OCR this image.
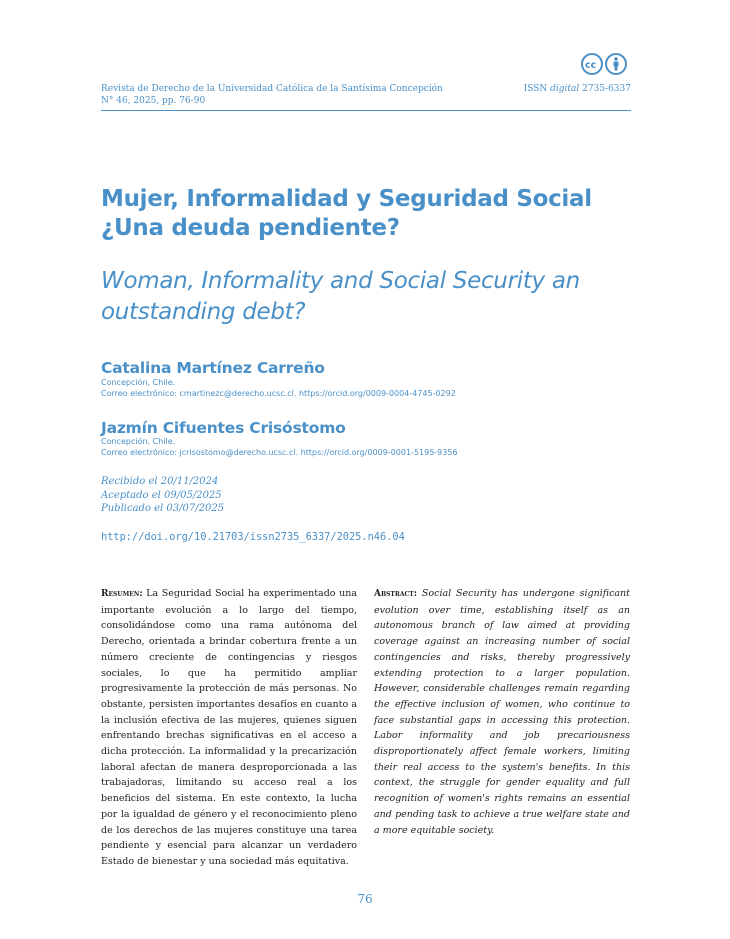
cc
Revista de Derecho de la Universidad Católica de la Santísima Concepción
N° 46, 2025, pp. 76-90
ISSN digital 2735-6337
Mujer, Informalidad y Seguridad Social
¿Una deuda pendiente?
Woman, Informality and Social Security an
outstanding debt?
Catalina Martínez Carreño
Concepción, Chile.
Correo electrónico: cmartinezc@derecho.ucsc.cl. https://orcid.org/0009-0004-4745-0292
Jazmín Cifuentes Crisóstomo
Concepción, Chile.
Correo electrónico: jcrisostomo@derecho.ucsc.cl. https://orcid.org/0009-0001-5195-9356
Recibido el 20/11/2024
Aceptado el 09/05/2025
Publicado el 03/07/2025
http://doi.org/10.21703/issn2735_6337/2025.n46.04
Resumen: La Seguridad Social ha experimentado una importante evolución a lo largo del tiempo, consolidándose como una rama autónoma del Derecho, orientada a brindar cobertura frente a un número creciente de contingencias y riesgos sociales, lo que ha permitido ampliar progresivamente la protección de más personas. No obstante, persisten importantes desafíos en cuanto a la inclusión efectiva de las mujeres, quienes siguen enfrentando brechas significativas en el acceso a dicha protección. La informalidad y la precarización laboral afectan de manera desproporcionada a las trabajadoras, limitando su acceso real a los beneficios del sistema. En este contexto, la lucha por la igualdad de género y el reconocimiento pleno de los derechos de las mujeres constituye una tarea pendiente y esencial para alcanzar un verdadero Estado de bienestar y una sociedad más equitativa.
Abstract: Social Security has undergone significant evolution over time, establishing itself as an autonomous branch of law aimed at providing coverage against an increasing number of social contingencies and risks, thereby progressively extending protection to a larger population. However, considerable challenges remain regarding the effective inclusion of women, who continue to face substantial gaps in accessing this protection. Labor informality and job precariousness disproportionately affect female workers, limiting their real access to the system's benefits. In this context, the struggle for gender equality and full recognition of women's rights remains an essential and pending task to achieve a true welfare state and a more equitable society.
76
